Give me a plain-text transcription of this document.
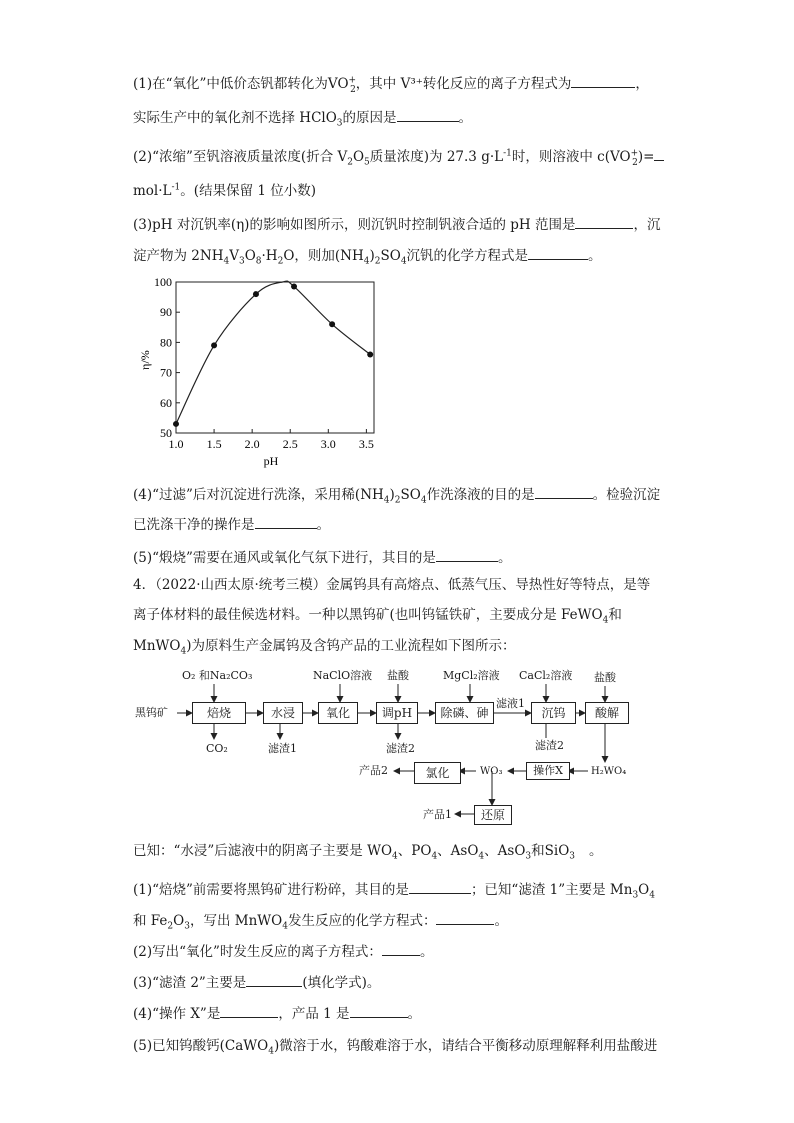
(1)在“氧化”中低价态钒都转化为$VO^+_2$，其中 V³⁺转化反应的离子方程式为	，
实际生产中的氧化剂不选择 HClO$_3$的原因是	。
(2)“浓缩”至钒溶液质量浓度(折合 $V_2O_5$质量浓度)为 27.3 $g\cdot L^{-1}$时，则溶液中 $c(VO^+_2)=$
$mol\cdot L^{-1}$。(结果保留 1 位小数)
(3)pH 对沉钒率(η)的影响如图所示，则沉钒时控制钒液合适的 pH 范围是	，沉
淀产物为 $2NH_4V_3O_8\cdot H_2O$，则加$(NH_4)_2SO_4$沉钒的化学方程式是	。
1.0 1.5 2.0 2.5 3.0 3.5
50
60
70
80
90
100
pH
η/%
(4)“过滤”后对沉淀进行洗涤，采用稀$(NH_4)_2SO_4$作洗涤液的目的是	。检验沉淀
已洗涤干净的操作是	。
(5)“煅烧”需要在通风或氧化气氛下进行，其目的是	。
4．（2022·山西太原·统考三模）金属钨具有高熔点、低蒸气压、导热性好等特点，是等
离子体材料的最佳候选材料。一种以黑钨矿(也叫钨锰铁矿，主要成分是 FeWO$_4$和
MnWO$_4$)为原料生产金属钨及含钨产品的工业流程如下图所示：
黑钨矿	焙烧	水浸	氧化	调pH	除磷、砷	沉钨	酸解
操作X
氯化
还原
O₂ 和Na₂CO₃	NaClO溶液 盐酸	MgCl₂溶液 CaCl₂溶液 盐酸
滤液1
CO₂	滤渣1	滤渣2	滤渣2
H₂WO₄
WO₃
产品2
产品1
已知：“水浸”后滤液中的阴离子主要是 $WO_4$、$PO_4$、AsO$_4$、AsO$_3$和SiO$_3$ 。
(1)“焙烧”前需要将黑钨矿进行粉碎，其目的是	；已知“滤渣 1”主要是 $Mn_3O_4$
和 $Fe_2O_3$，写出 MnWO$_4$发生反应的化学方程式：	。
(2)写出“氧化”时发生反应的离子方程式：	。
(3)“滤渣 2”主要是	(填化学式)。
(4)“操作 X”是	，产品 1 是	。
(5)已知钨酸钙(CaWO$_4$)微溶于水，钨酸难溶于水，请结合平衡移动原理解释利用盐酸进
